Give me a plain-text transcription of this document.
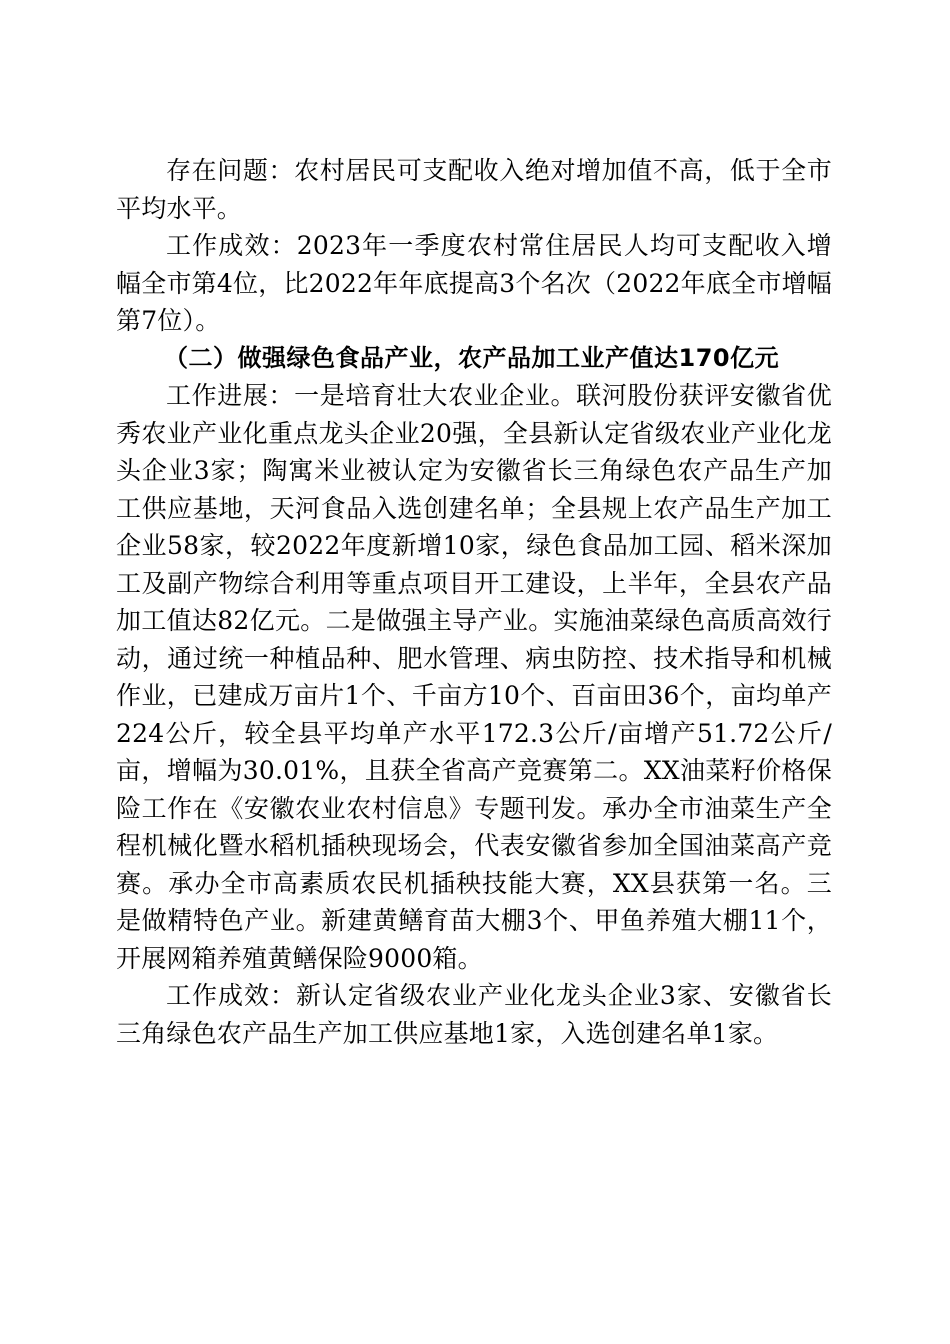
存在问题：农村居民可支配收入绝对增加值不高，低于全市平均水平。

工作成效：2023年一季度农村常住居民人均可支配收入增幅全市第4位，比2022年年底提高3个名次（2022年底全市增幅第7位）。

（二）做强绿色食品产业，农产品加工业产值达170亿元

工作进展：一是培育壮大农业企业。联河股份获评安徽省优秀农业产业化重点龙头企业20强，全县新认定省级农业产业化龙头企业3家；陶寓米业被认定为安徽省长三角绿色农产品生产加工供应基地，天河食品入选创建名单；全县规上农产品生产加工企业58家，较2022年度新增10家，绿色食品加工园、稻米深加工及副产物综合利用等重点项目开工建设，上半年，全县农产品加工值达82亿元。二是做强主导产业。实施油菜绿色高质高效行动，通过统一种植品种、肥水管理、病虫防控、技术指导和机械作业，已建成万亩片1个、千亩方10个、百亩田36个，亩均单产224公斤，较全县平均单产水平172.3公斤/亩增产51.72公斤/亩，增幅为30.01%，且获全省高产竞赛第二。XX油菜籽价格保险工作在《安徽农业农村信息》专题刊发。承办全市油菜生产全程机械化暨水稻机插秧现场会，代表安徽省参加全国油菜高产竞赛。承办全市高素质农民机插秧技能大赛，XX县获第一名。三是做精特色产业。新建黄鳝育苗大棚3个、甲鱼养殖大棚11个，开展网箱养殖黄鳝保险9000箱。

工作成效：新认定省级农业产业化龙头企业3家、安徽省长三角绿色农产品生产加工供应基地1家，入选创建名单1家。
